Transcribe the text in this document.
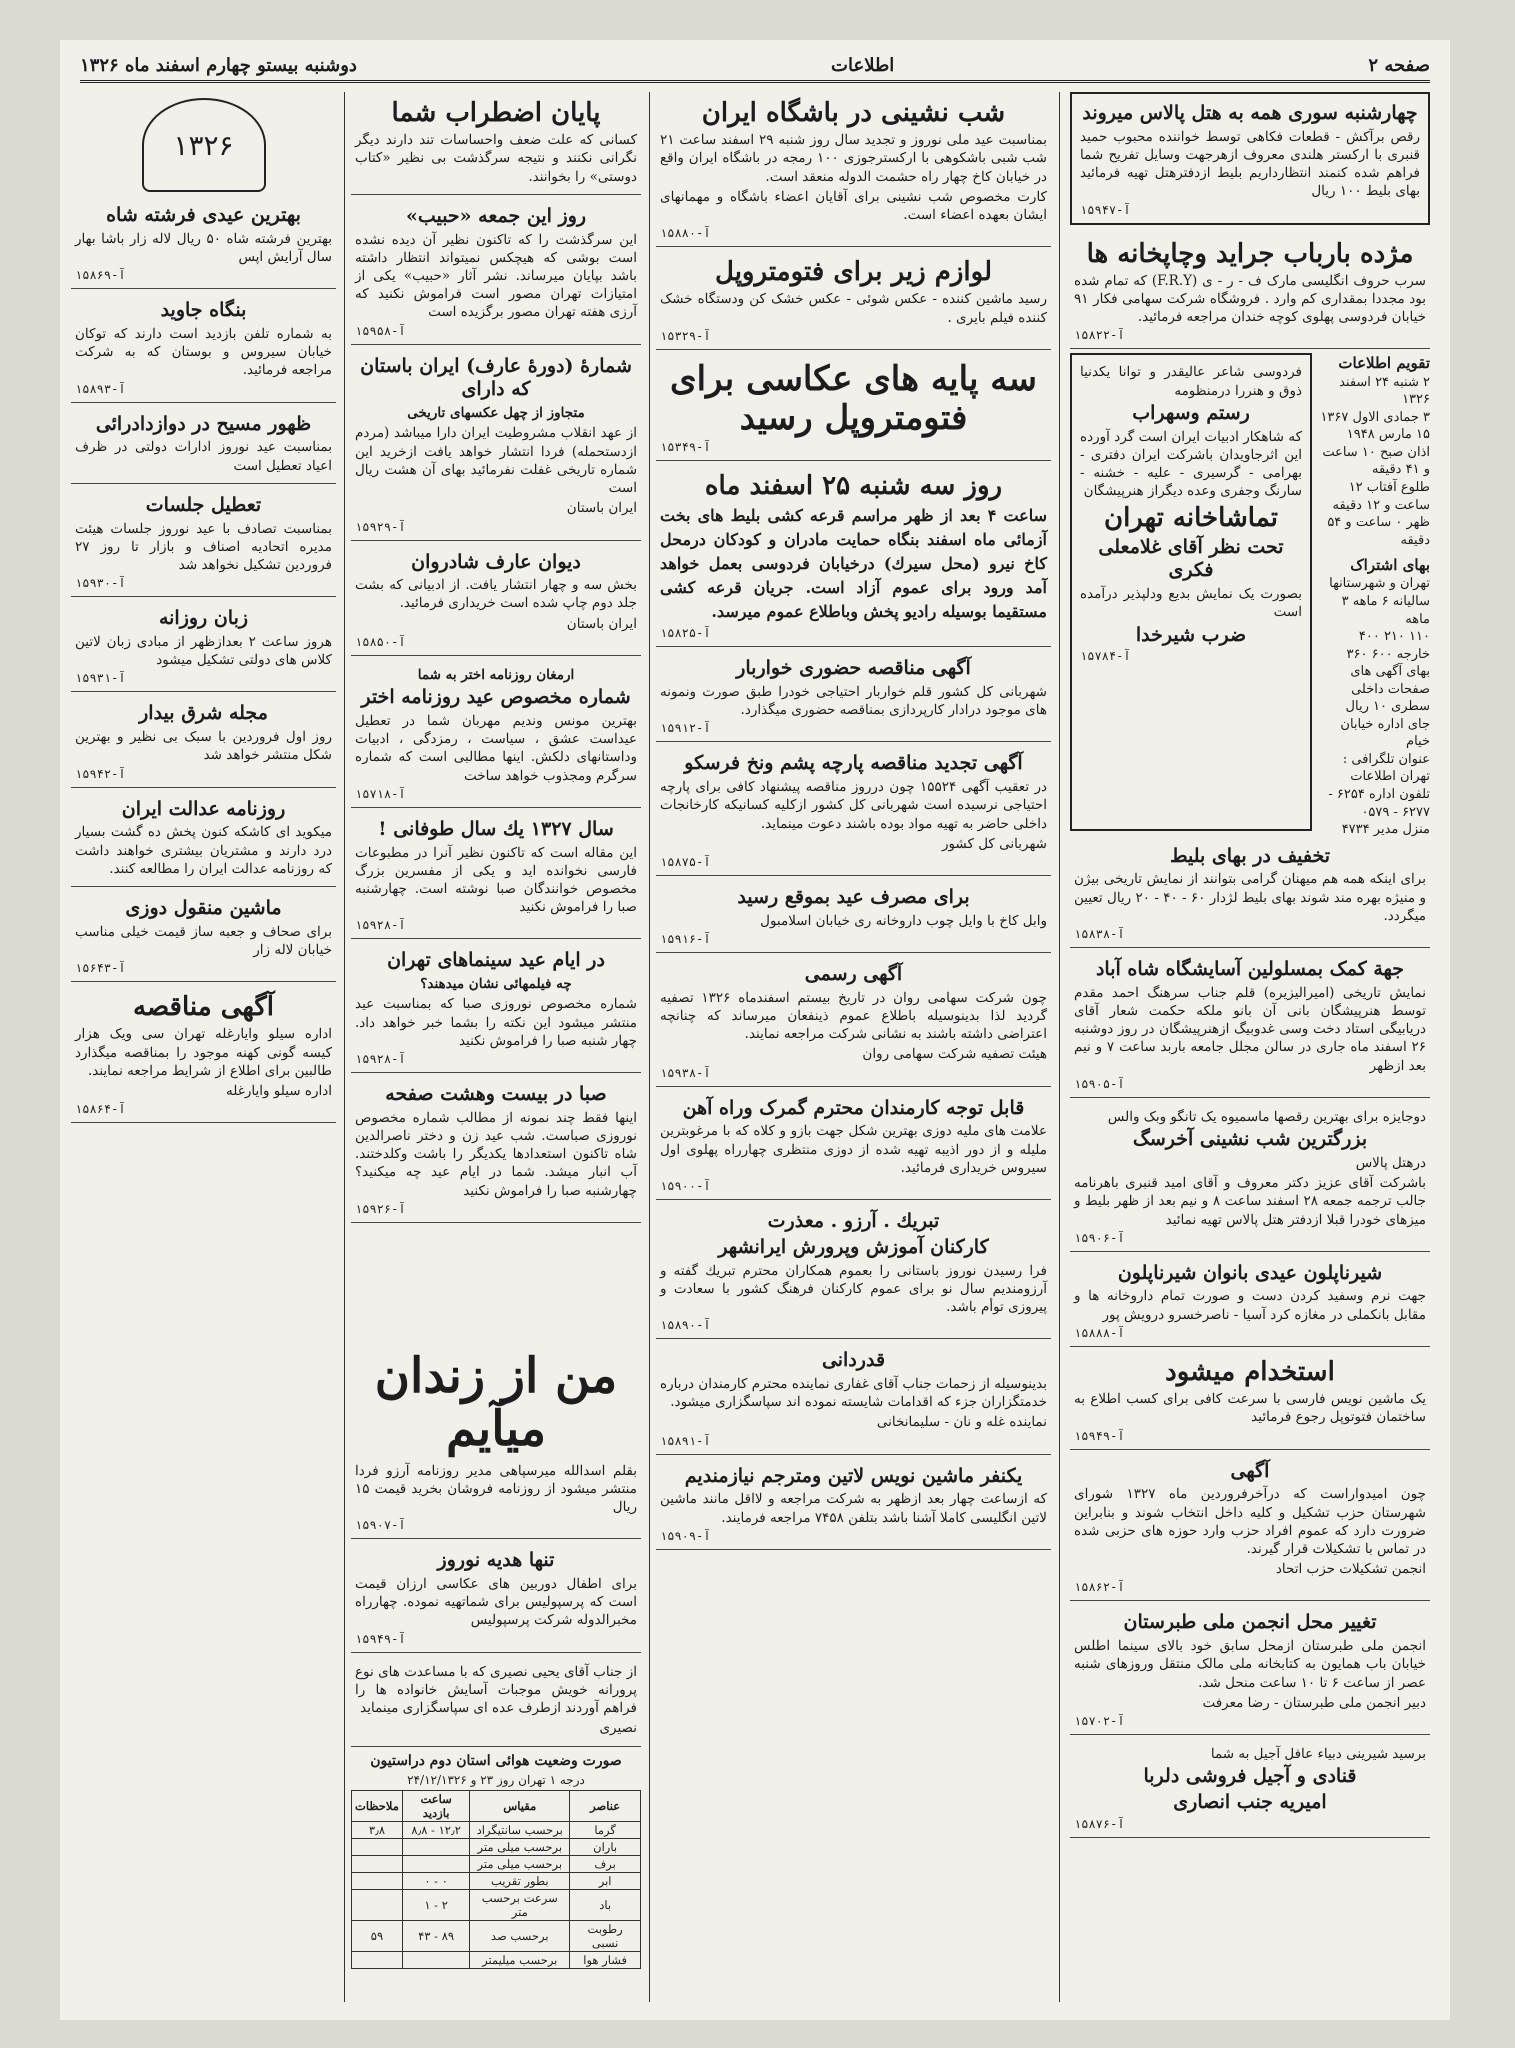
صفحه ۲
اطلاعات
دوشنبه بیستو چهارم اسفند ماه ۱۳۲۶
چهارشنبه سوری همه به هتل پالاس میروند

رقص برآکش - قطعات فکاهی توسط خواننده محبوب حمید قنبری با ارکستر هلندی معروف ازهرجهت وسایل تفریح شما فراهم شده کنمند انتظارداریم بلیط ازدفترهتل تهیه فرمائید بهای بلیط ۱۰۰ ریال

آ-۱۵۹۴۷
مژده بارباب جراید وچاپخانه ها

سرب حروف انگلیسی مارک ف - ر - ی (F.R.Y) که تمام شده بود مجددا بمقداری کم وارد . فروشگاه شرکت سهامی فکار ۹۱ خیابان فردوسی پهلوی کوچه خندان مراجعه فرمائید.

آ-۱۵۸۲۲
تقویم اطلاعات
۲ شنبه ۲۴ اسفند ۱۳۲۶
۳ جمادی الاول ۱۳۶۷
۱۵ مارس ۱۹۴۸
اذان صبح ۱۰ ساعت و ۴۱ دقیقه
طلوع آفتاب ۱۲ ساعت و ۱۲ دقیقه
ظهر ۰ ساعت و ۵۴ دقیقه
بهای اشتراک
تهران و شهرستانها
سالیانه ۶ ماهه ۳ ماهه
۱۱۰ ۲۱۰ ۴۰۰
خارجه ۶۰۰ ۳۶۰
بهای آگهی های صفحات داخلی سطری ۱۰ ریال
جای اداره خیابان خیام
عنوان تلگرافی : تهران اطلاعات
تلفون اداره ۶۲۵۴ - ۶۲۷۷ - ۰۵۷۹
منزل مدیر ۴۷۳۴

فردوسی شاعر عالیقدر و توانا یکدنیا ذوق و هنررا درمنظومه

رستم وسهراب

که شاهکار ادبیات ایران است گرد آورده این اثرجاویدان باشرکت ایران دفتری - بهرامی - گرسیری - علیه - خشنه - سارنگ وجفری وعده دیگراز هنرپیشگان

تماشاخانه تهران
تحت نظر آقای غلامعلی فکری

بصورت یک نمایش بدیع ودلپذیر درآمده است

ضرب شیرخدا
آ-۱۵۷۸۴
تخفیف در بهای بلیط

برای اینکه همه هم میهنان گرامی بتوانند از نمایش تاریخی بیژن و منیژه بهره مند شوند بهای بلیط لژدار ۶۰ - ۴۰ - ۲۰ ریال تعیین میگردد.

آ-۱۵۸۳۸
جهة کمک بمسلولین آسایشگاه شاه آباد

نمایش تاریخی (امیرالیزیره) قلم جناب سرهنگ احمد مقدم توسط هنرپیشگان بانی آن بانو ملکه حکمت شعار آقای دریابیگی استاد دخت وسی غدوبیگ ازهنرپیشگان در روز دوشنبه ۲۶ اسفند ماه جاری در سالن مجلل جامعه باربد ساعت ۷ و نیم بعد ازظهر

آ-۱۵۹۰۵

دوجایزه برای بهترین رقصها ماسمیوه یک تانگو وبک والس

بزرگترین شب نشینی آخرسگ

درهتل پالاس

باشرکت آقای عزیز دکتر معروف و آقای امید قنبری باهرنامه جالب ترجمه جمعه ۲۸ اسفند ساعت ۸ و نیم بعد از ظهر بلیط و میزهای خودرا قبلا ازدفتر هتل پالاس تهیه نمائید

آ-۱۵۹۰۶
شیرناپلون عیدی بانوان شیرناپلون

جهت نرم وسفید کردن دست و صورت تمام داروخانه ها و مقابل بانکملی در مغازه کرد آسیا - ناصرخسرو درویش پور

آ-۱۵۸۸۸
استخدام میشود

یک ماشین نویس فارسی با سرعت کافی برای کسب اطلاع به ساختمان فتوتوپل رجوع فرمائید

آ-۱۵۹۴۹
آگهی

چون امیدواراست که درآخرفروردین ماه ۱۳۲۷ شورای شهرستان حزب تشکیل و کلیه داخل انتخاب شوند و بنابراین ضرورت دارد که عموم افراد حزب وارد حوزه های حزبی شده در تماس با تشکیلات قرار گیرند.

انجمن تشکیلات حزب اتحاد

آ-۱۵۸۶۲
تغییر محل انجمن ملی طبرستان

انجمن ملی طبرستان ازمحل سابق خود بالای سینما اطلس خیابان باب همایون به کتابخانه ملی مالک منتقل وروزهای شنبه عصر از ساعت ۶ تا ۱۰ ساعت منحل شد.

دبیر انجمن ملی طبرستان - رضا معرفت

آ-۱۵۷۰۲

برسید شیرینی دبیاء عافل آجیل به شما

قنادی و آجیل فروشی دلربا
امیریه جنب انصاری
آ-۱۵۸۷۶
شب نشینی در باشگاه ایران

بمناسبت عید ملی نوروز و تجدید سال روز شنبه ۲۹ اسفند ساعت ۲۱ شب شبی باشکوهی با ارکسترجوزی ۱۰۰ رمجه در باشگاه ایران واقع در خیابان کاخ چهار راه حشمت الدوله منعقد است.

کارت مخصوص شب نشینی برای آقایان اعضاء باشگاه و مهمانهای ایشان بعهده اعضاء است.

آ-۱۵۸۸۰
لوازم زیر برای فتومتروپل

رسید ماشین کننده - عکس شوئی - عکس خشک کن ودستگاه خشک کننده فیلم بایری .

آ-۱۵۳۲۹
سه پایه های عکاسی برای فتومتروپل رسید
آ-۱۵۳۴۹
روز سه شنبه ۲۵ اسفند ماه

ساعت ۴ بعد از ظهر مراسم قرعه کشی بلیط های بخت آزمائی ماه اسفند بنگاه حمایت مادران و کودکان درمحل کاخ نیرو (محل سیرك) درخیابان فردوسی بعمل خواهد آمد ورود برای عموم آزاد است. جریان قرعه کشی مستقیما بوسیله رادیو پخش وباطلاع عموم میرسد.

آ-۱۵۸۲۵
آگهی مناقصه حضوری خواربار

شهربانی کل کشور قلم خواربار احتیاجی خودرا طبق صورت ونمونه های موجود درادار کارپردازی بمناقصه حضوری میگذارد.

آ-۱۵۹۱۲
آگهی تجدید مناقصه پارچه پشم ونخ فرسکو

در تعقیب آگهی ۱۵۵۲۴ چون درروز مناقصه پیشنهاد کافی برای پارچه احتیاجی نرسیده است شهربانی کل کشور ازکلیه کسانیکه کارخانجات داخلی حاضر به تهیه مواد بوده باشند دعوت مینماید.

شهربانی کل کشور

آ-۱۵۸۷۵
برای مصرف عید بموقع رسید

وابل کاخ با وایل چوب داروخانه ری خیابان اسلامبول

آ-۱۵۹۱۶
آگهی رسمی

چون شرکت سهامی روان در تاریخ بیستم اسفندماه ۱۳۲۶ تصفیه گردید لذا بدینوسیله باطلاع عموم ذینفعان میرساند که چنانچه اعتراضی داشته باشند به نشانی شرکت مراجعه نمایند.

هیئت تصفیه شرکت سهامی روان

آ-۱۵۹۳۸
قابل توجه کارمندان محترم گمرک وراه آهن

علامت های ملیه دوزی بهترین شکل جهت بازو و کلاه که با مرغوبترین ملیله و از دور اذیبه تهیه شده از دوزی منتظری چهارراه پهلوی اول سیروس خریداری فرمائید.

آ-۱۵۹۰۰
تبریك . آرزو . معذرت
کارکنان آموزش وپرورش ایرانشهر

فرا رسیدن نوروز باستانی را بعموم همکاران محترم تبریك گفته و آرزومندیم سال نو برای عموم کارکنان فرهنگ کشور با سعادت و پیروزی توأم باشد.

آ-۱۵۸۹۰
قدردانی

بدینوسیله از زحمات جناب آقای غفاری نماینده محترم کارمندان درباره خدمتگزاران جزء که اقدامات شایسته نموده اند سپاسگزاری میشود.

نماینده غله و نان - سلیمانخانی

آ-۱۵۸۹۱
یکنفر ماشین نویس لاتین ومترجم نیازمندیم

که ازساعت چهار بعد ازظهر به شرکت مراجعه و لااقل مانند ماشین لاتین انگلیسی کاملا آشنا باشد بتلفن ۷۴۵۸ مراجعه فرمایند.

آ-۱۵۹۰۹
پایان اضطراب شما

کسانی که علت ضعف واحساسات تند دارند دیگر نگرانی نکنند و نتیجه سرگذشت بی نظیر «کتاب دوستی» را بخوانند.

روز این جمعه «حبیب»

این سرگذشت را که تاکنون نظیر آن دیده نشده است بوشی که هیچکس نمیتواند انتظار داشته باشد بپایان میرساند. نشر آثار «حبیب» یکی از امتیازات تهران مصور است فراموش نکنید که آرزی هفته تهران مصور برگزیده است

آ-۱۵۹۵۸
شمارهٔ (دورهٔ عارف) ایران باستان که دارای

متجاوز از چهل عکسهای تاریخی

از عهد انقلاب مشروطیت ایران دارا میباشد (مردم ازدستحمله) فردا انتشار خواهد یافت ازخرید این شماره تاریخی غفلت نفرمائید بهای آن هشت ریال است

ایران باستان

آ-۱۵۹۲۹
دیوان عارف شادروان

بخش سه و چهار انتشار یافت. از ادبیانی که بشت جلد دوم چاپ شده است خریداری فرمائید.

ایران باستان

آ-۱۵۸۵۰

ارمغان روزنامه اختر به شما

شماره مخصوص عید روزنامه اختر

بهترین مونس وندیم مهربان شما در تعطیل عیداست عشق ، سیاست ، رمزدگی ، ادبیات وداستانهای دلکش. اینها مطالبی است که شماره سرگرم ومجذوب خواهد ساخت

آ-۱۵۷۱۸
سال ۱۳۲۷ یك سال طوفانی !

این مقاله است که تاکنون نظیر آنرا در مطبوعات فارسی نخوانده اید و یکی از مفسرین بزرگ مخصوص خوانندگان صبا نوشته است. چهارشنبه صبا را فراموش نکنید

آ-۱۵۹۲۸
در ایام عید سینماهای تهران

چه فیلمهائی نشان میدهند؟

شماره مخصوص نوروزی صبا که بمناسبت عید منتشر میشود این نکته را بشما خبر خواهد داد. چهار شنبه صبا را فراموش نکنید

آ-۱۵۹۲۸
صبا در بیست وهشت صفحه

اینها فقط چند نمونه از مطالب شماره مخصوص نوروزی صباست. شب عید زن و دختر ناصرالدین شاه تاکنون استعدادها یکدیگر را باشت وکلدختند. آب انبار میشد. شما در ایام عید چه میکنید؟ چهارشنبه صبا را فراموش نکنید

آ-۱۵۹۲۶
۱۳۲۶
بهترین عیدی فرشته شاه

بهترین فرشته شاه ۵۰ ریال لاله زار باشا بهار سال آرایش اپس

آ-۱۵۸۶۹
بنگاه جاوید

به شماره تلفن بازدید است دارند که توکان خیابان سیروس و بوستان که به شرکت مراجعه فرمائید.

آ-۱۵۸۹۳
ظهور مسیح در دوازدادرائی

بمناسبت عید نوروز ادارات دولتی در ظرف اعیاد تعطیل است

تعطیل جلسات

بمناسبت تصادف با عید نوروز جلسات هیئت مدیره اتحادیه اصناف و بازار تا روز ۲۷ فروردین تشکیل نخواهد شد

آ-۱۵۹۳۰
زبان روزانه

هروز ساعت ۲ بعدازظهر از مبادی زبان لاتین کلاس های دولتی تشکیل میشود

آ-۱۵۹۳۱
مجله شرق بیدار

روز اول فروردین با سبک بی نظیر و بهترین شکل منتشر خواهد شد

آ-۱۵۹۴۲
روزنامه عدالت ایران

میکوید ای کاشکه کنون پخش ده گشت بسیار درد دارند و مشتریان بیشتری خواهند داشت که روزنامه عدالت ایران را مطالعه کنند.

ماشین منقول دوزی

برای صحاف و جعبه ساز قیمت خیلی مناسب خیابان لاله زار

آ-۱۵۶۴۳
آگهی مناقصه

اداره سیلو وایارغله تهران سی ویک هزار کیسه گونی کهنه موجود را بمناقصه میگذارد طالبین برای اطلاع از شرایط مراجعه نمایند.

اداره سیلو وایارغله

آ-۱۵۸۶۴
من از زندان میآیم

بقلم اسدالله میرسپاهی مدیر روزنامه آرزو فردا منتشر میشود از روزنامه فروشان بخرید قیمت ۱۵ ریال

آ-۱۵۹۰۷
تنها هدیه نوروز

برای اطفال دوربین های عکاسی ارزان قیمت است که پرسپولیس برای شماتهیه نموده. چهارراه مخبرالدوله شرکت پرسپولیس

آ-۱۵۹۴۹

از جناب آقای یحیی نصیری که با مساعدت های نوع پرورانه خویش موجبات آسایش خانواده ها را فراهم آوردند ازطرف عده ای سپاسگزاری مینماید

نصیری

صورت وضعیت هوائی استان دوم دراستیون

درجه ۱ تهران روز ۲۳ و ۲۴/۱۲/۱۳۲۶

عناصر	مقیاس	ساعت بازدید	ملاحظات
گرما	برحسب سانتیگراد	۱۲٫۲ - ۸٫۸	۳٫۸
باران	برحسب میلی متر		
برف	برحسب میلی متر		
ابر	بطور تقریب	۰ - ۰	
باد	سرعت برحسب متر	۲ - ۱	
رطوبت نسبی	برحسب صد	۸۹ - ۴۳	۵۹
فشار هوا	برحسب میلیمتر		
